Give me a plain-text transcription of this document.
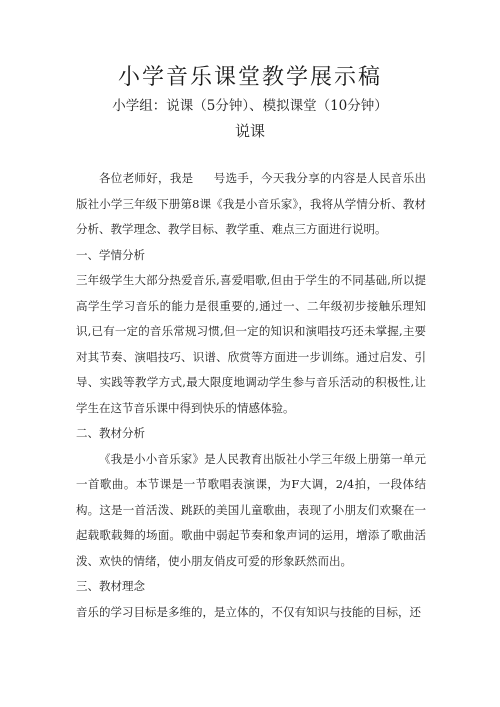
小学音乐课堂教学展示稿
小学组：说课（5分钟）、模拟课堂（10分钟）
说课

各位老师好，我是 号选手，今天我分享的内容是人民音乐出版社小学三年级下册第8课《我是小音乐家》，我将从学情分析、教材分析、教学理念、教学目标、教学重、难点三方面进行说明。

一、学情分析

三年级学生大部分热爱音乐,喜爱唱歌,但由于学生的不同基础,所以提高学生学习音乐的能力是很重要的,通过一、二年级初步接触乐理知识,已有一定的音乐常规习惯,但一定的知识和演唱技巧还未掌握,主要对其节奏、演唱技巧、识谱、欣赏等方面进一步训练。通过启发、引导、实践等教学方式,最大限度地调动学生参与音乐活动的积极性,让学生在这节音乐课中得到快乐的情感体验。

二、教材分析

《我是小小音乐家》是人民教育出版社小学三年级上册第一单元一首歌曲。本节课是一节歌唱表演课，为F大调，2/4拍，一段体结构。这是一首活泼、跳跃的美国儿童歌曲，表现了小朋友们欢聚在一起载歌载舞的场面。歌曲中弱起节奏和象声词的运用，增添了歌曲活泼、欢快的情绪，使小朋友俏皮可爱的形象跃然而出。

三、教材理念

音乐的学习目标是多维的，是立体的，不仅有知识与技能的目标，还
